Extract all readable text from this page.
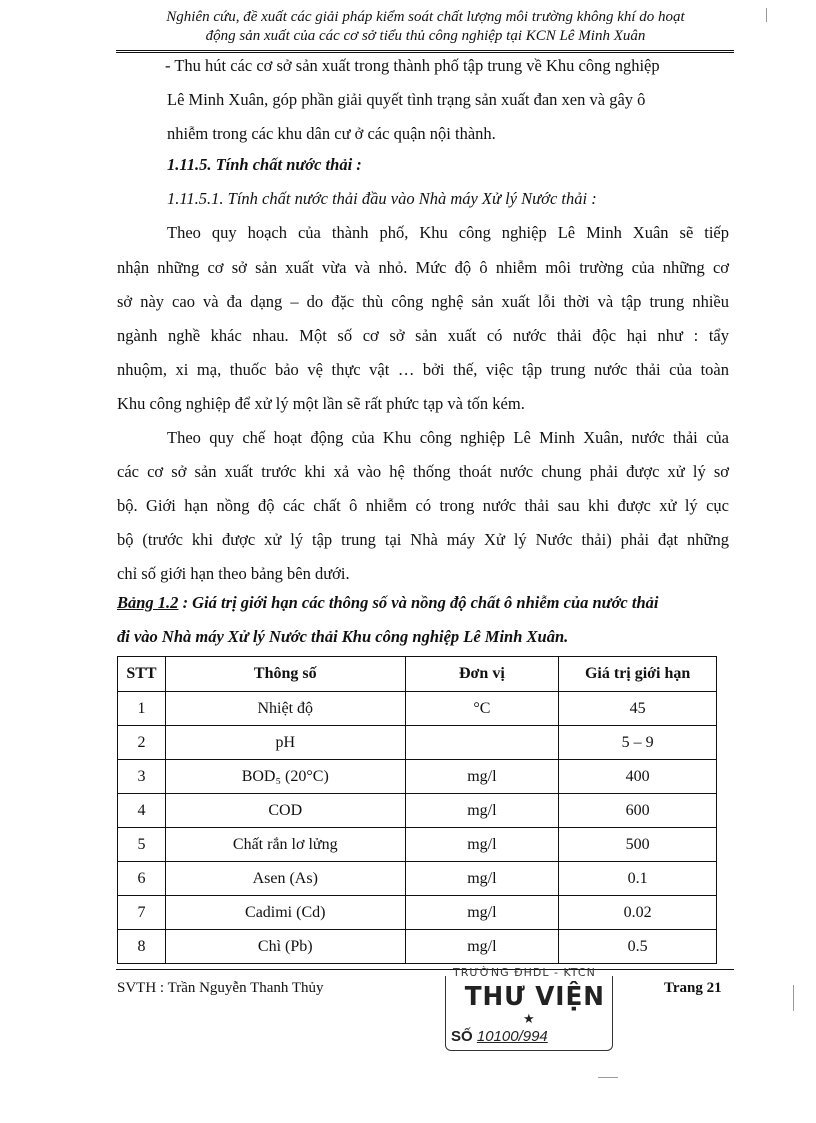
Nghiên cứu, đề xuất các giải pháp kiểm soát chất lượng môi trường không khí do hoạt
động sản xuất của các cơ sở tiểu thủ công nghiệp tại KCN Lê Minh Xuân
- Thu hút các cơ sở sản xuất trong thành phố tập trung về Khu công nghiệp
Lê Minh Xuân, góp phần giải quyết tình trạng sản xuất đan xen và gây ô
nhiễm trong các khu dân cư ở các quận nội thành.
1.11.5. Tính chất nước thải :
1.11.5.1. Tính chất nước thải đầu vào Nhà máy Xử lý Nước thải :
Theo quy hoạch của thành phố, Khu công nghiệp Lê Minh Xuân sẽ tiếp
nhận những cơ sở sản xuất vừa và nhỏ. Mức độ ô nhiễm môi trường của những cơ
sở này cao và đa dạng – do đặc thù công nghệ sản xuất lỗi thời và tập trung nhiều
ngành nghề khác nhau. Một số cơ sở sản xuất có nước thải độc hại như : tẩy
nhuộm, xi mạ, thuốc bảo vệ thực vật … bởi thế, việc tập trung nước thải của toàn
Khu công nghiệp để xử lý một lần sẽ rất phức tạp và tốn kém.
Theo quy chế hoạt động của Khu công nghiệp Lê Minh Xuân, nước thải của
các cơ sở sản xuất trước khi xả vào hệ thống thoát nước chung phải được xử lý sơ
bộ. Giới hạn nồng độ các chất ô nhiễm có trong nước thải sau khi được xử lý cục
bộ (trước khi được xử lý tập trung tại Nhà máy Xử lý Nước thải) phải đạt những
chỉ số giới hạn theo bảng bên dưới.
Bảng 1.2 : Giá trị giới hạn các thông số và nồng độ chất ô nhiễm của nước thải
đi vào Nhà máy Xử lý Nước thải Khu công nghiệp Lê Minh Xuân.
STT	Thông số	Đơn vị	Giá trị giới hạn
1	Nhiệt độ	°C	45
2	pH		5 – 9
3	BOD₅ (20°C)	mg/l	400
4	COD	mg/l	600
5	Chất rắn lơ lửng	mg/l	500
6	Asen (As)	mg/l	0.1
7	Cadimi (Cd)	mg/l	0.02
8	Chì (Pb)	mg/l	0.5
SVTH : Trần Nguyễn Thanh Thủy	Trang 21
TRƯỜNG ĐHDL - KTCN
THƯ VIỆN
★
SỐ 10100/994
